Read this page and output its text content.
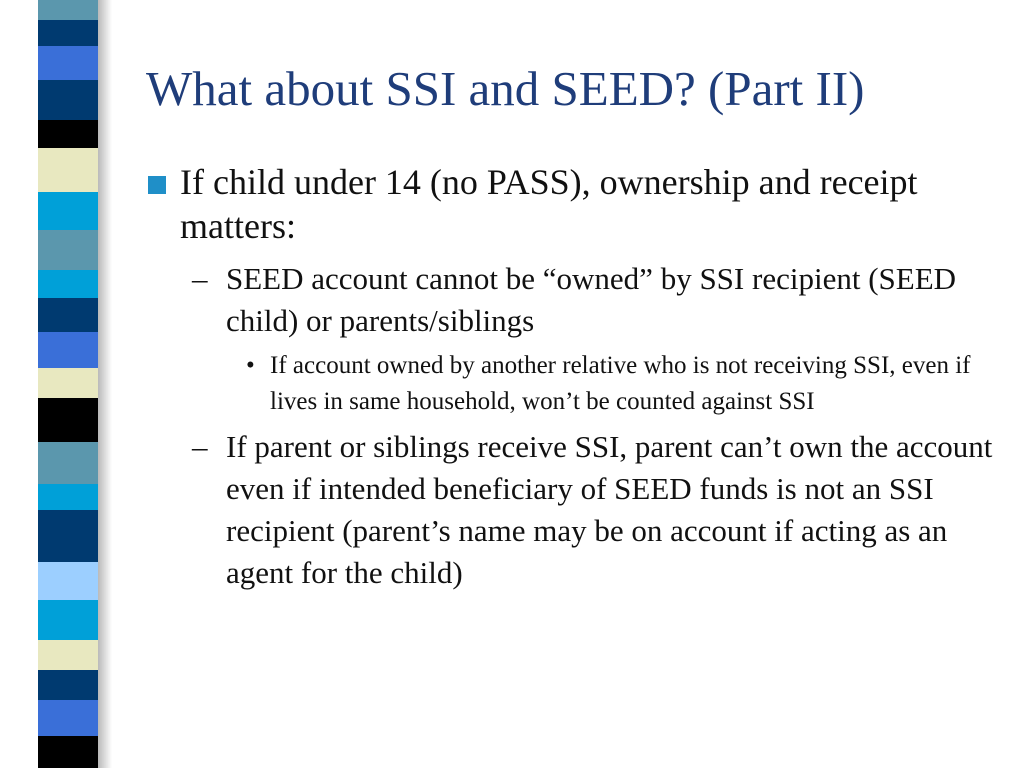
What about SSI and SEED? (Part II)
If child under 14 (no PASS), ownership and receipt matters:
– SEED account cannot be “owned” by SSI recipient (SEED child) or parents/siblings
• If account owned by another relative who is not receiving SSI, even if lives in same household, won’t be counted against SSI
– If parent or siblings receive SSI, parent can’t own the account even if intended beneficiary of SEED funds is not an SSI recipient (parent’s name may be on account if acting as an agent for the child)
